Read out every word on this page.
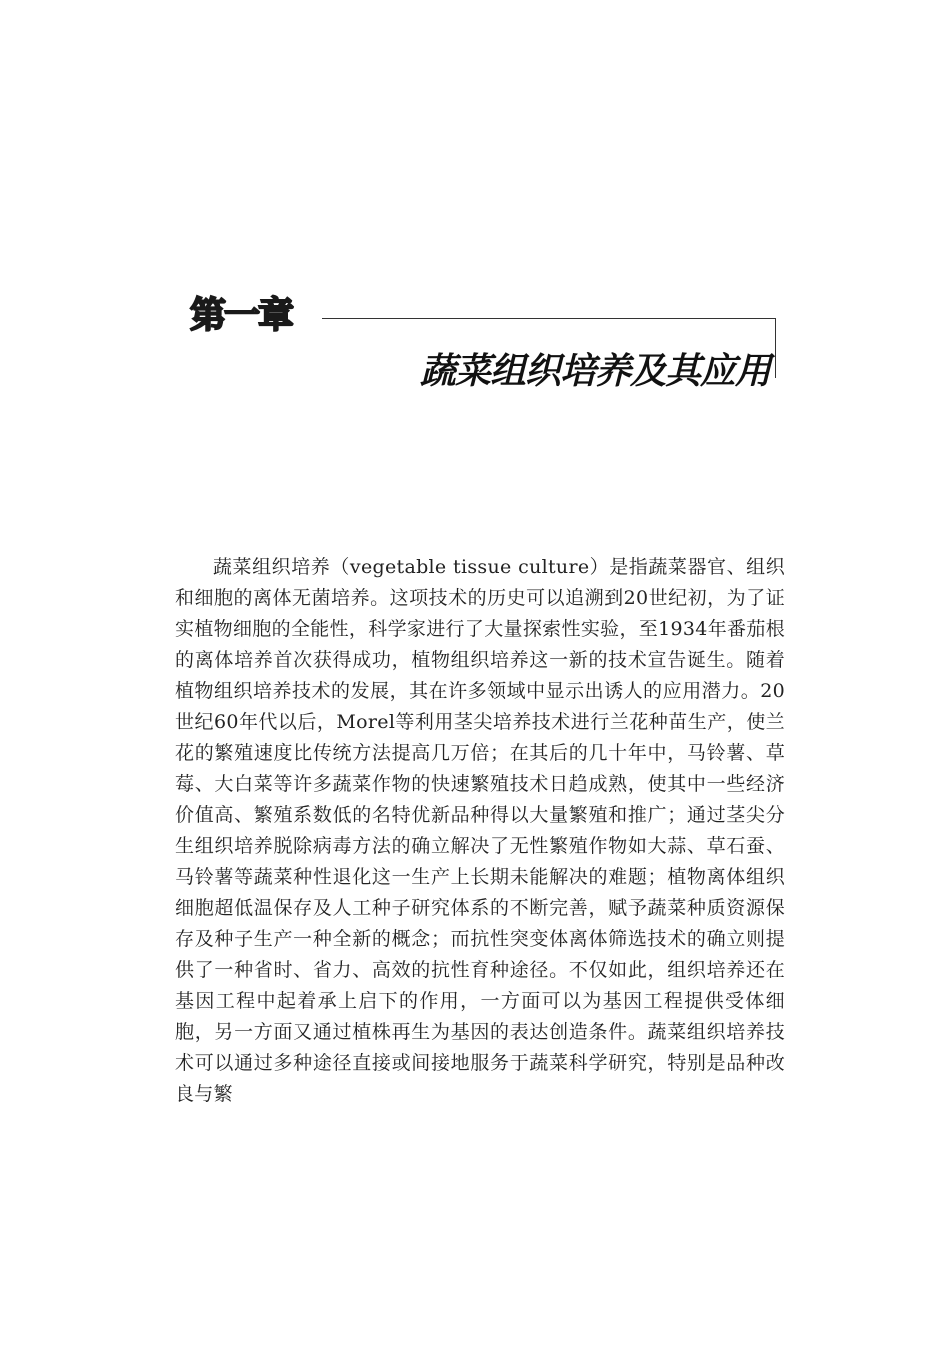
第一章
蔬菜组织培养及其应用

蔬菜组织培养（vegetable tissue culture）是指蔬菜器官、组织和细胞的离体无菌培养。这项技术的历史可以追溯到20世纪初，为了证实植物细胞的全能性，科学家进行了大量探索性实验，至1934年番茄根的离体培养首次获得成功，植物组织培养这一新的技术宣告诞生。随着植物组织培养技术的发展，其在许多领域中显示出诱人的应用潜力。20世纪60年代以后，Morel等利用茎尖培养技术进行兰花种苗生产，使兰花的繁殖速度比传统方法提高几万倍；在其后的几十年中，马铃薯、草莓、大白菜等许多蔬菜作物的快速繁殖技术日趋成熟，使其中一些经济价值高、繁殖系数低的名特优新品种得以大量繁殖和推广；通过茎尖分生组织培养脱除病毒方法的确立解决了无性繁殖作物如大蒜、草石蚕、马铃薯等蔬菜种性退化这一生产上长期未能解决的难题；植物离体组织细胞超低温保存及人工种子研究体系的不断完善，赋予蔬菜种质资源保存及种子生产一种全新的概念；而抗性突变体离体筛选技术的确立则提供了一种省时、省力、高效的抗性育种途径。不仅如此，组织培养还在基因工程中起着承上启下的作用，一方面可以为基因工程提供受体细胞，另一方面又通过植株再生为基因的表达创造条件。蔬菜组织培养技术可以通过多种途径直接或间接地服务于蔬菜科学研究，特别是品种改良与繁
